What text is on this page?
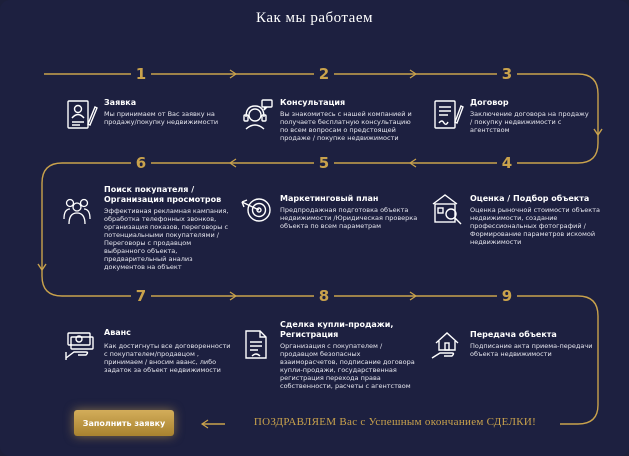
Как мы работаем
1	2	3
4
5
6
7	8	9
Заявка
Мы принимаем от Вас заявку на продажу/покупку недвижимости
Консультация
Вы знакомитесь с нашей компанией и получаете бесплатную консультацию по всем вопросам о предстоящей продаже / покупке недвижимости
Договор
Заключение договора на продажу / покупку недвижимости с агентством
Поиск покупателя / Организация просмотров
Эффективная рекламная кампания, обработка телефонных звонков, организация показов, переговоры с потенциальными покупателями / Переговоры с продавцом выбранного объекта, предварительный анализ документов на объект
Маркетинговый план
Предпродажная подготовка объекта недвижимости /Юридическая проверка объекта по всем параметрам
Оценка / Подбор объекта
Оценка рыночной стоимости объекта недвижимости, создание профессиональных фотографий / Формирование параметров искомой недвижимости
Аванс
Как достигнуты все договоренности с покупателем/продавцом , принимаем / вносим аванс, либо задаток за объект недвижимости
Сделка купли-продажи, Регистрация
Организация с покупателем / продавцом безопасных взаиморасчетов, подписание договора купли-продажи, государственная регистрация перехода права собственности, расчеты с агентством
Передача объекта
Подписание акта приема-передачи объекта недвижимости
Заполнить заявку	ПОЗДРАВЛЯЕМ Вас с Успешным окончанием СДЕЛКИ!
